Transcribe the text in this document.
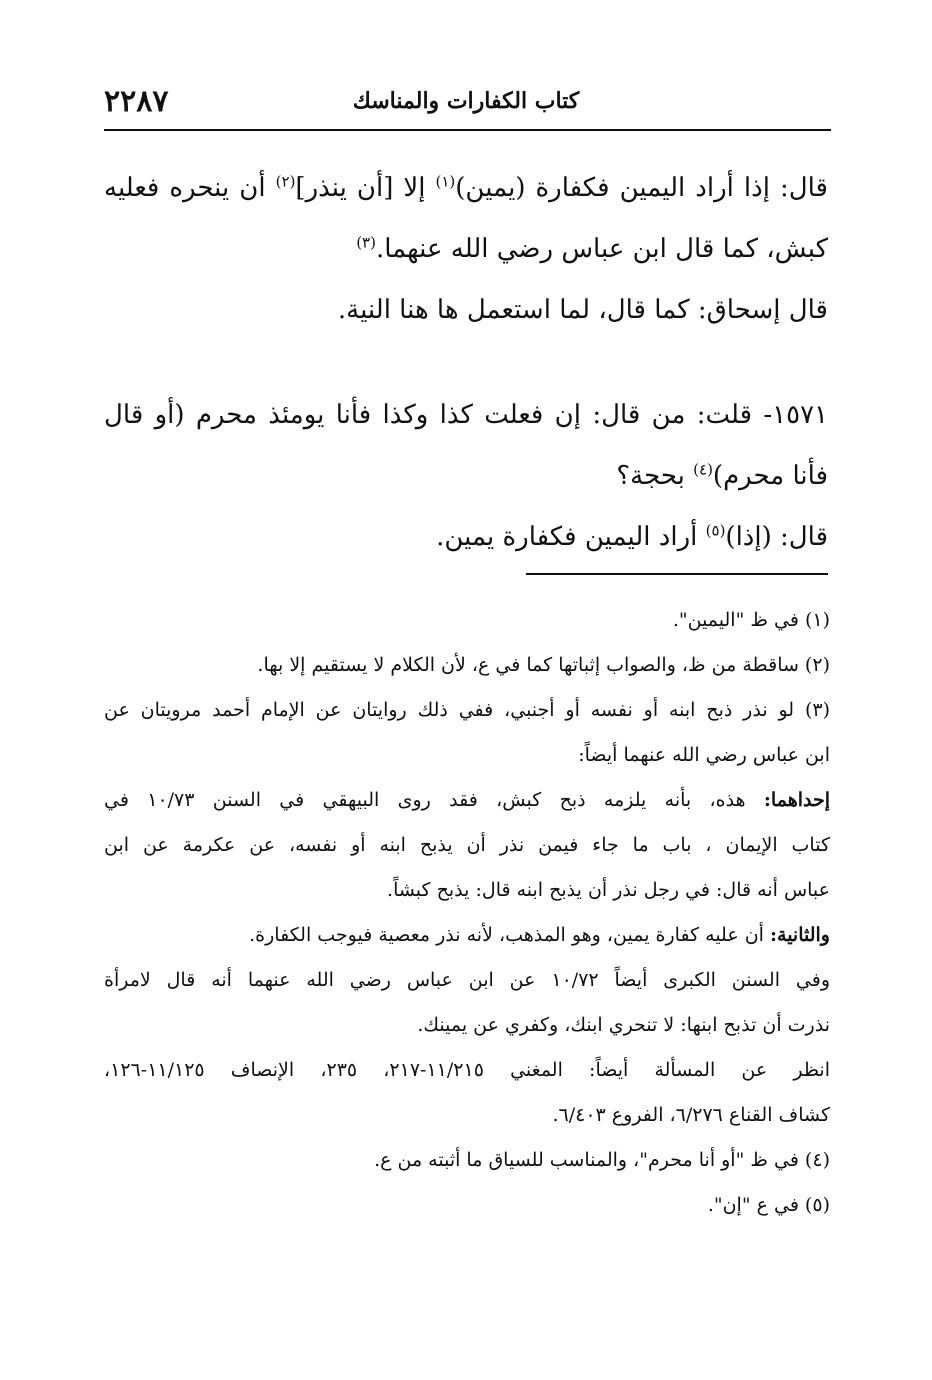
٢٢٨٧	كتاب الكفارات والمناسك
قال: إذا أراد اليمين فكفارة (يمين)$^{(١)}$ إلا [أن ينذر]$^{(٢)}$ أن ينحره فعليه
كبش، كما قال ابن عباس رضي الله عنهما.$^{(٣)}$
قال إسحاق: كما قال، لما استعمل ها هنا النية.
١٥٧١- قلت: من قال: إن فعلت كذا وكذا فأنا يومئذ محرم (أو قال
فأنا محرم)$^{(٤)}$ بحجة؟
قال: (إذا)$^{(٥)}$ أراد اليمين فكفارة يمين.
(١) في ظ "اليمين".
(٢) ساقطة من ظ، والصواب إثباتها كما في ع، لأن الكلام لا يستقيم إلا بها.
(٣) لو نذر ذبح ابنه أو نفسه أو أجنبي، ففي ذلك روايتان عن الإمام أحمد مرويتان عن
ابن عباس رضي الله عنهما أيضاً:
إحداهما: هذه، بأنه يلزمه ذبح كبش، فقد روى البيهقي في السنن ١٠/٧٣ في
كتاب الإيمان ، باب ما جاء فيمن نذر أن يذبح ابنه أو نفسه، عن عكرمة عن ابن
عباس أنه قال: في رجل نذر أن يذبح ابنه قال: يذبح كبشاً.
والثانية: أن عليه كفارة يمين، وهو المذهب، لأنه نذر معصية فيوجب الكفارة.
وفي السنن الكبرى أيضاً ١٠/٧٢ عن ابن عباس رضي الله عنهما أنه قال لامرأة
نذرت أن تذبح ابنها: لا تنحري ابنك، وكفري عن يمينك.
انظر عن المسألة أيضاً: المغني ١١/٢١٥-٢١٧، ٢٣٥، الإنصاف ١١/١٢٥-١٢٦،
كشاف القناع ٦/٢٧٦، الفروع ٦/٤٠٣.
(٤) في ظ "أو أنا محرم"، والمناسب للسياق ما أثبته من ع.
(٥) في ع "إن".
